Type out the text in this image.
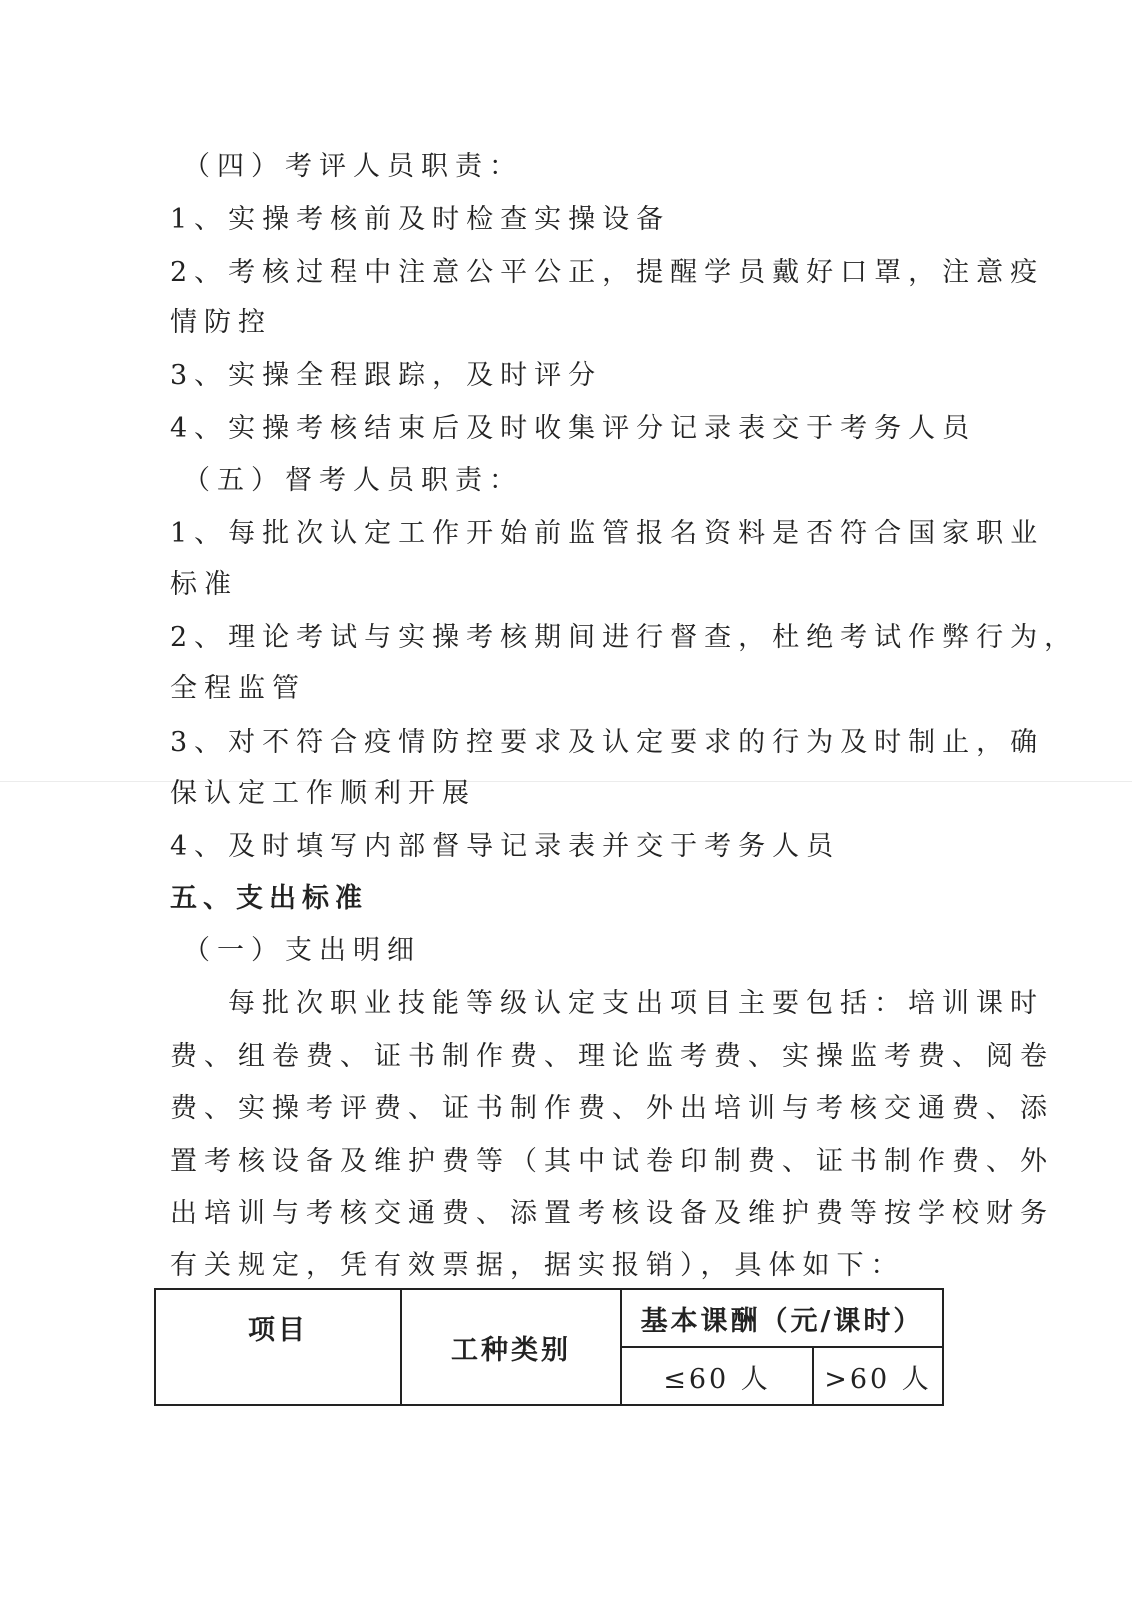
（四）考评人员职责：
1、实操考核前及时检查实操设备
2、考核过程中注意公平公正，提醒学员戴好口罩，注意疫
情防控
3、实操全程跟踪，及时评分
4、实操考核结束后及时收集评分记录表交于考务人员
（五）督考人员职责：
1、每批次认定工作开始前监管报名资料是否符合国家职业
标准
2、理论考试与实操考核期间进行督查，杜绝考试作弊行为，
全程监管
3、对不符合疫情防控要求及认定要求的行为及时制止，确
保认定工作顺利开展
4、及时填写内部督导记录表并交于考务人员
五、支出标准
（一）支出明细
每批次职业技能等级认定支出项目主要包括：培训课时
费、组卷费、证书制作费、理论监考费、实操监考费、阅卷
费、实操考评费、证书制作费、外出培训与考核交通费、添
置考核设备及维护费等（其中试卷印制费、证书制作费、外
出培训与考核交通费、添置考核设备及维护费等按学校财务
有关规定，凭有效票据，据实报销），具体如下：
项目	工种类别	基本课酬（元/课时）	
		≤60 人	>60 人
